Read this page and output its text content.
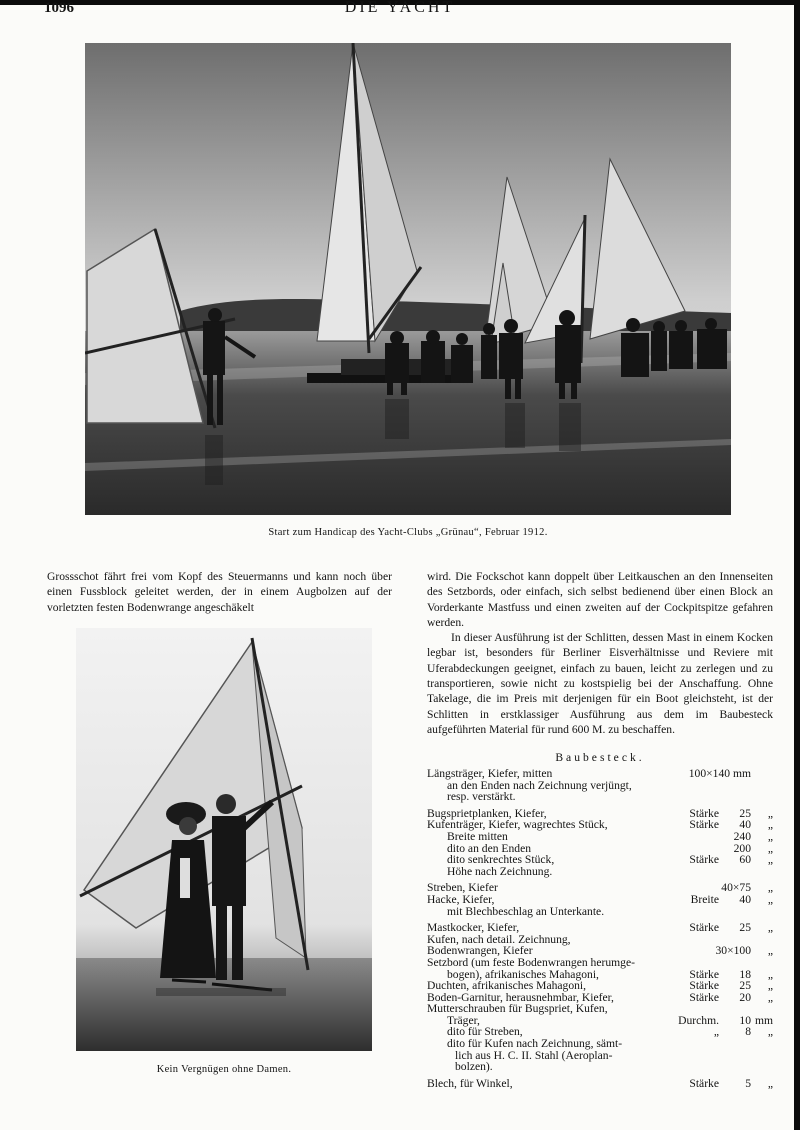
1096	DIE YACHT
Start zum Handicap des Yacht-Clubs „Grünau“, Februar 1912.

Grossschot fährt frei vom Kopf des Steuermanns und kann noch über einen Fussblock geleitet werden, der in einem Augbolzen auf der vorletzten festen Bodenwrange angeschäkelt

Kein Vergnügen ohne Damen.

wird. Die Fockschot kann doppelt über Leitkauschen an den Innenseiten des Setzbords, oder einfach, sich selbst bedienend über einen Block an Vorderkante Mastfuss und einen zweiten auf der Cockpitspitze gefahren werden.

In dieser Ausführung ist der Schlitten, dessen Mast in einem Kocken legbar ist, besonders für Berliner Eisverhältnisse und Reviere mit Uferabdeckungen geeignet, einfach zu bauen, leicht zu zerlegen und zu transportieren, sowie nicht zu kostspielig bei der Anschaffung. Ohne Takelage, die im Preis mit derjenigen für ein Boot gleichsteht, ist der Schlitten in erstklassiger Ausführung aus dem im Baubesteck aufgeführten Material für rund 600 M. zu beschaffen.

Baubesteck.
Längsträger, Kiefer, mitten	100×140 mm
an den Enden nach Zeichnung verjüngt,
resp. verstärkt.
Bugsprietplanken, Kiefer,	Stärke 25	„
Kufenträger, Kiefer, wagrechtes Stück,	Stärke 40	„
Breite mitten	240	„
dito an den Enden	200	„
dito senkrechtes Stück,	Stärke 60	„
Höhe nach Zeichnung.
Streben, Kiefer	40×75	„
Hacke, Kiefer,	Breite 40	„
mit Blechbeschlag an Unterkante.
Mastkocker, Kiefer,	Stärke 25	„
Kufen, nach detail. Zeichnung,
Bodenwrangen, Kiefer	30×100	„
Setzbord (um feste Bodenwrangen herumge-
bogen), afrikanisches Mahagoni,	Stärke 18	„
Duchten, afrikanisches Mahagoni,	Stärke 25	„
Boden-Garnitur, herausnehmbar, Kiefer,	Stärke 20	„
Mutterschrauben für Bugspriet, Kufen,
Träger,	Durchm. 10 mm
dito für Streben,	„ 8	„
dito für Kufen nach Zeichnung, sämt-
lich aus H. C. II. Stahl (Aeroplan-
bolzen).
Blech, für Winkel,	Stärke 5	„
